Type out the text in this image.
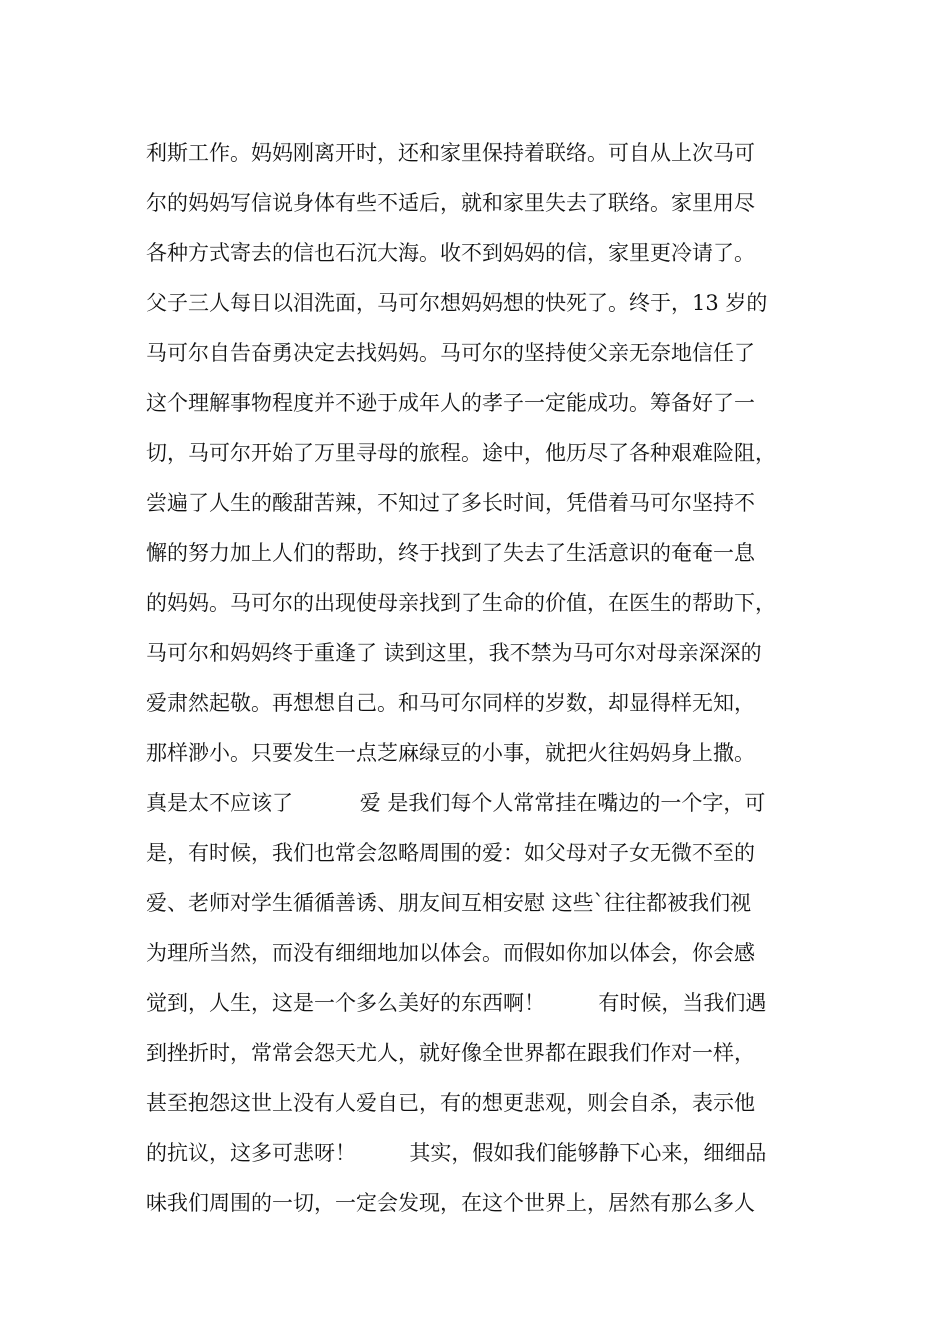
利斯工作。妈妈刚离开时，还和家里保持着联络。可自从上次马可
尔的妈妈写信说身体有些不适后，就和家里失去了联络。家里用尽
各种方式寄去的信也石沉大海。收不到妈妈的信，家里更冷请了。
父子三人每日以泪洗面，马可尔想妈妈想的快死了。终于，13 岁的
马可尔自告奋勇决定去找妈妈。马可尔的坚持使父亲无奈地信任了
这个理解事物程度并不逊于成年人的孝子一定能成功。筹备好了一
切，马可尔开始了万里寻母的旅程。途中，他历尽了各种艰难险阻，
尝遍了人生的酸甜苦辣，不知过了多长时间，凭借着马可尔坚持不
懈的努力加上人们的帮助，终于找到了失去了生活意识的奄奄一息
的妈妈。马可尔的出现使母亲找到了生命的价值，在医生的帮助下，
马可尔和妈妈终于重逢了 读到这里，我不禁为马可尔对母亲深深的
爱肃然起敬。再想想自己。和马可尔同样的岁数，却显得样无知，
那样渺小。只要发生一点芝麻绿豆的小事，就把火往妈妈身上撒。
真是太不应该了          爱 是我们每个人常常挂在嘴边的一个字，可
是，有时候，我们也常会忽略周围的爱：如父母对子女无微不至的
爱、老师对学生循循善诱、朋友间互相安慰 这些`往往都被我们视
为理所当然，而没有细细地加以体会。而假如你加以体会，你会感
觉到，人生，这是一个多么美好的东西啊！        有时候，当我们遇
到挫折时，常常会怨天尤人，就好像全世界都在跟我们作对一样，
甚至抱怨这世上没有人爱自已，有的想更悲观，则会自杀，表示他
的抗议，这多可悲呀！        其实，假如我们能够静下心来，细细品
味我们周围的一切，一定会发现，在这个世界上，居然有那么多人
